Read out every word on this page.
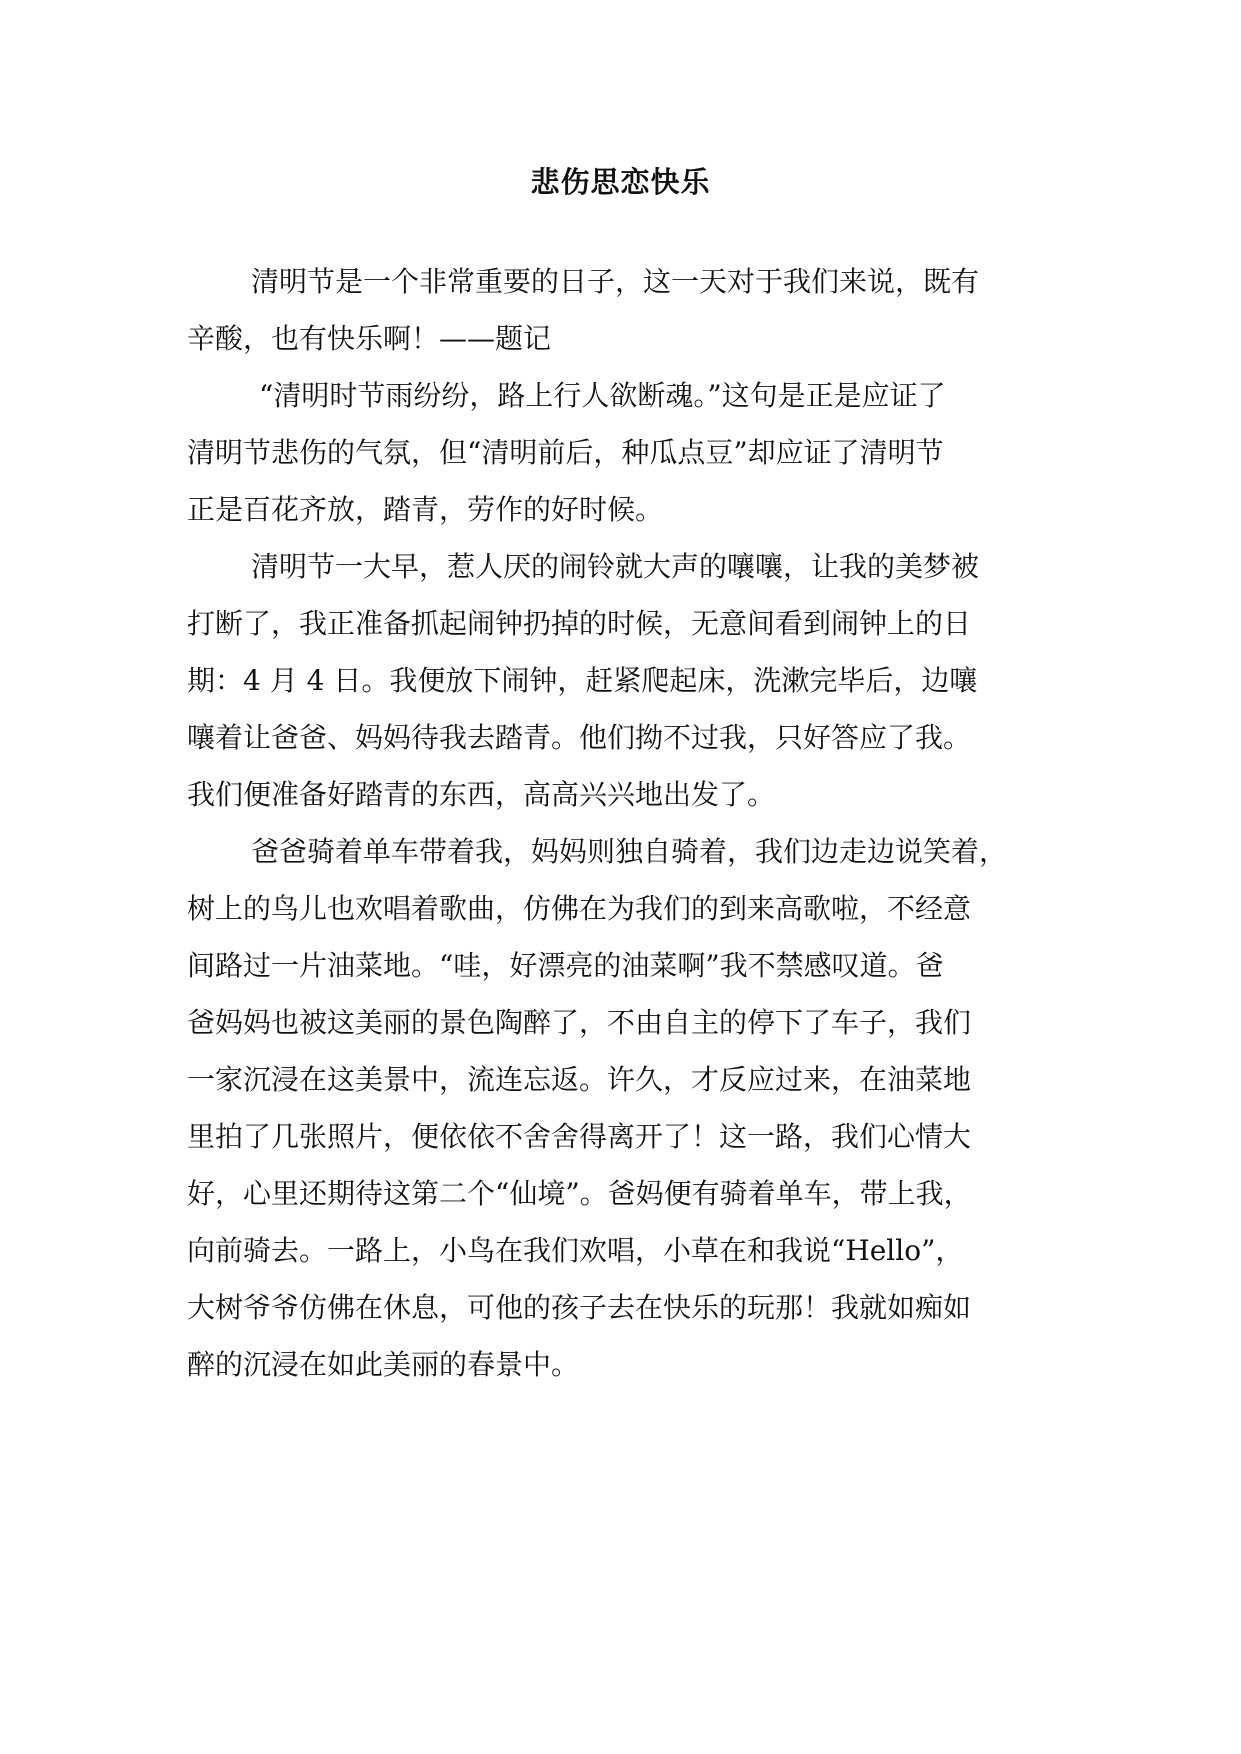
悲伤思恋快乐
清明节是一个非常重要的日子，这一天对于我们来说，既有
辛酸，也有快乐啊！——题记
“清明时节雨纷纷，路上行人欲断魂。”这句是正是应证了
清明节悲伤的气氛，但“清明前后，种瓜点豆”却应证了清明节
正是百花齐放，踏青，劳作的好时候。
清明节一大早，惹人厌的闹铃就大声的嚷嚷，让我的美梦被
打断了，我正准备抓起闹钟扔掉的时候，无意间看到闹钟上的日
期：4 月 4 日。我便放下闹钟，赶紧爬起床，洗漱完毕后，边嚷
嚷着让爸爸、妈妈待我去踏青。他们拗不过我，只好答应了我。
我们便准备好踏青的东西，高高兴兴地出发了。
爸爸骑着单车带着我，妈妈则独自骑着，我们边走边说笑着，
树上的鸟儿也欢唱着歌曲，仿佛在为我们的到来高歌啦，不经意
间路过一片油菜地。“哇，好漂亮的油菜啊”我不禁感叹道。爸
爸妈妈也被这美丽的景色陶醉了，不由自主的停下了车子，我们
一家沉浸在这美景中，流连忘返。许久，才反应过来，在油菜地
里拍了几张照片，便依依不舍舍得离开了！这一路，我们心情大
好，心里还期待这第二个“仙境”。爸妈便有骑着单车，带上我，
向前骑去。一路上，小鸟在我们欢唱，小草在和我说“Hello”，
大树爷爷仿佛在休息，可他的孩子去在快乐的玩那！我就如痴如
醉的沉浸在如此美丽的春景中。
